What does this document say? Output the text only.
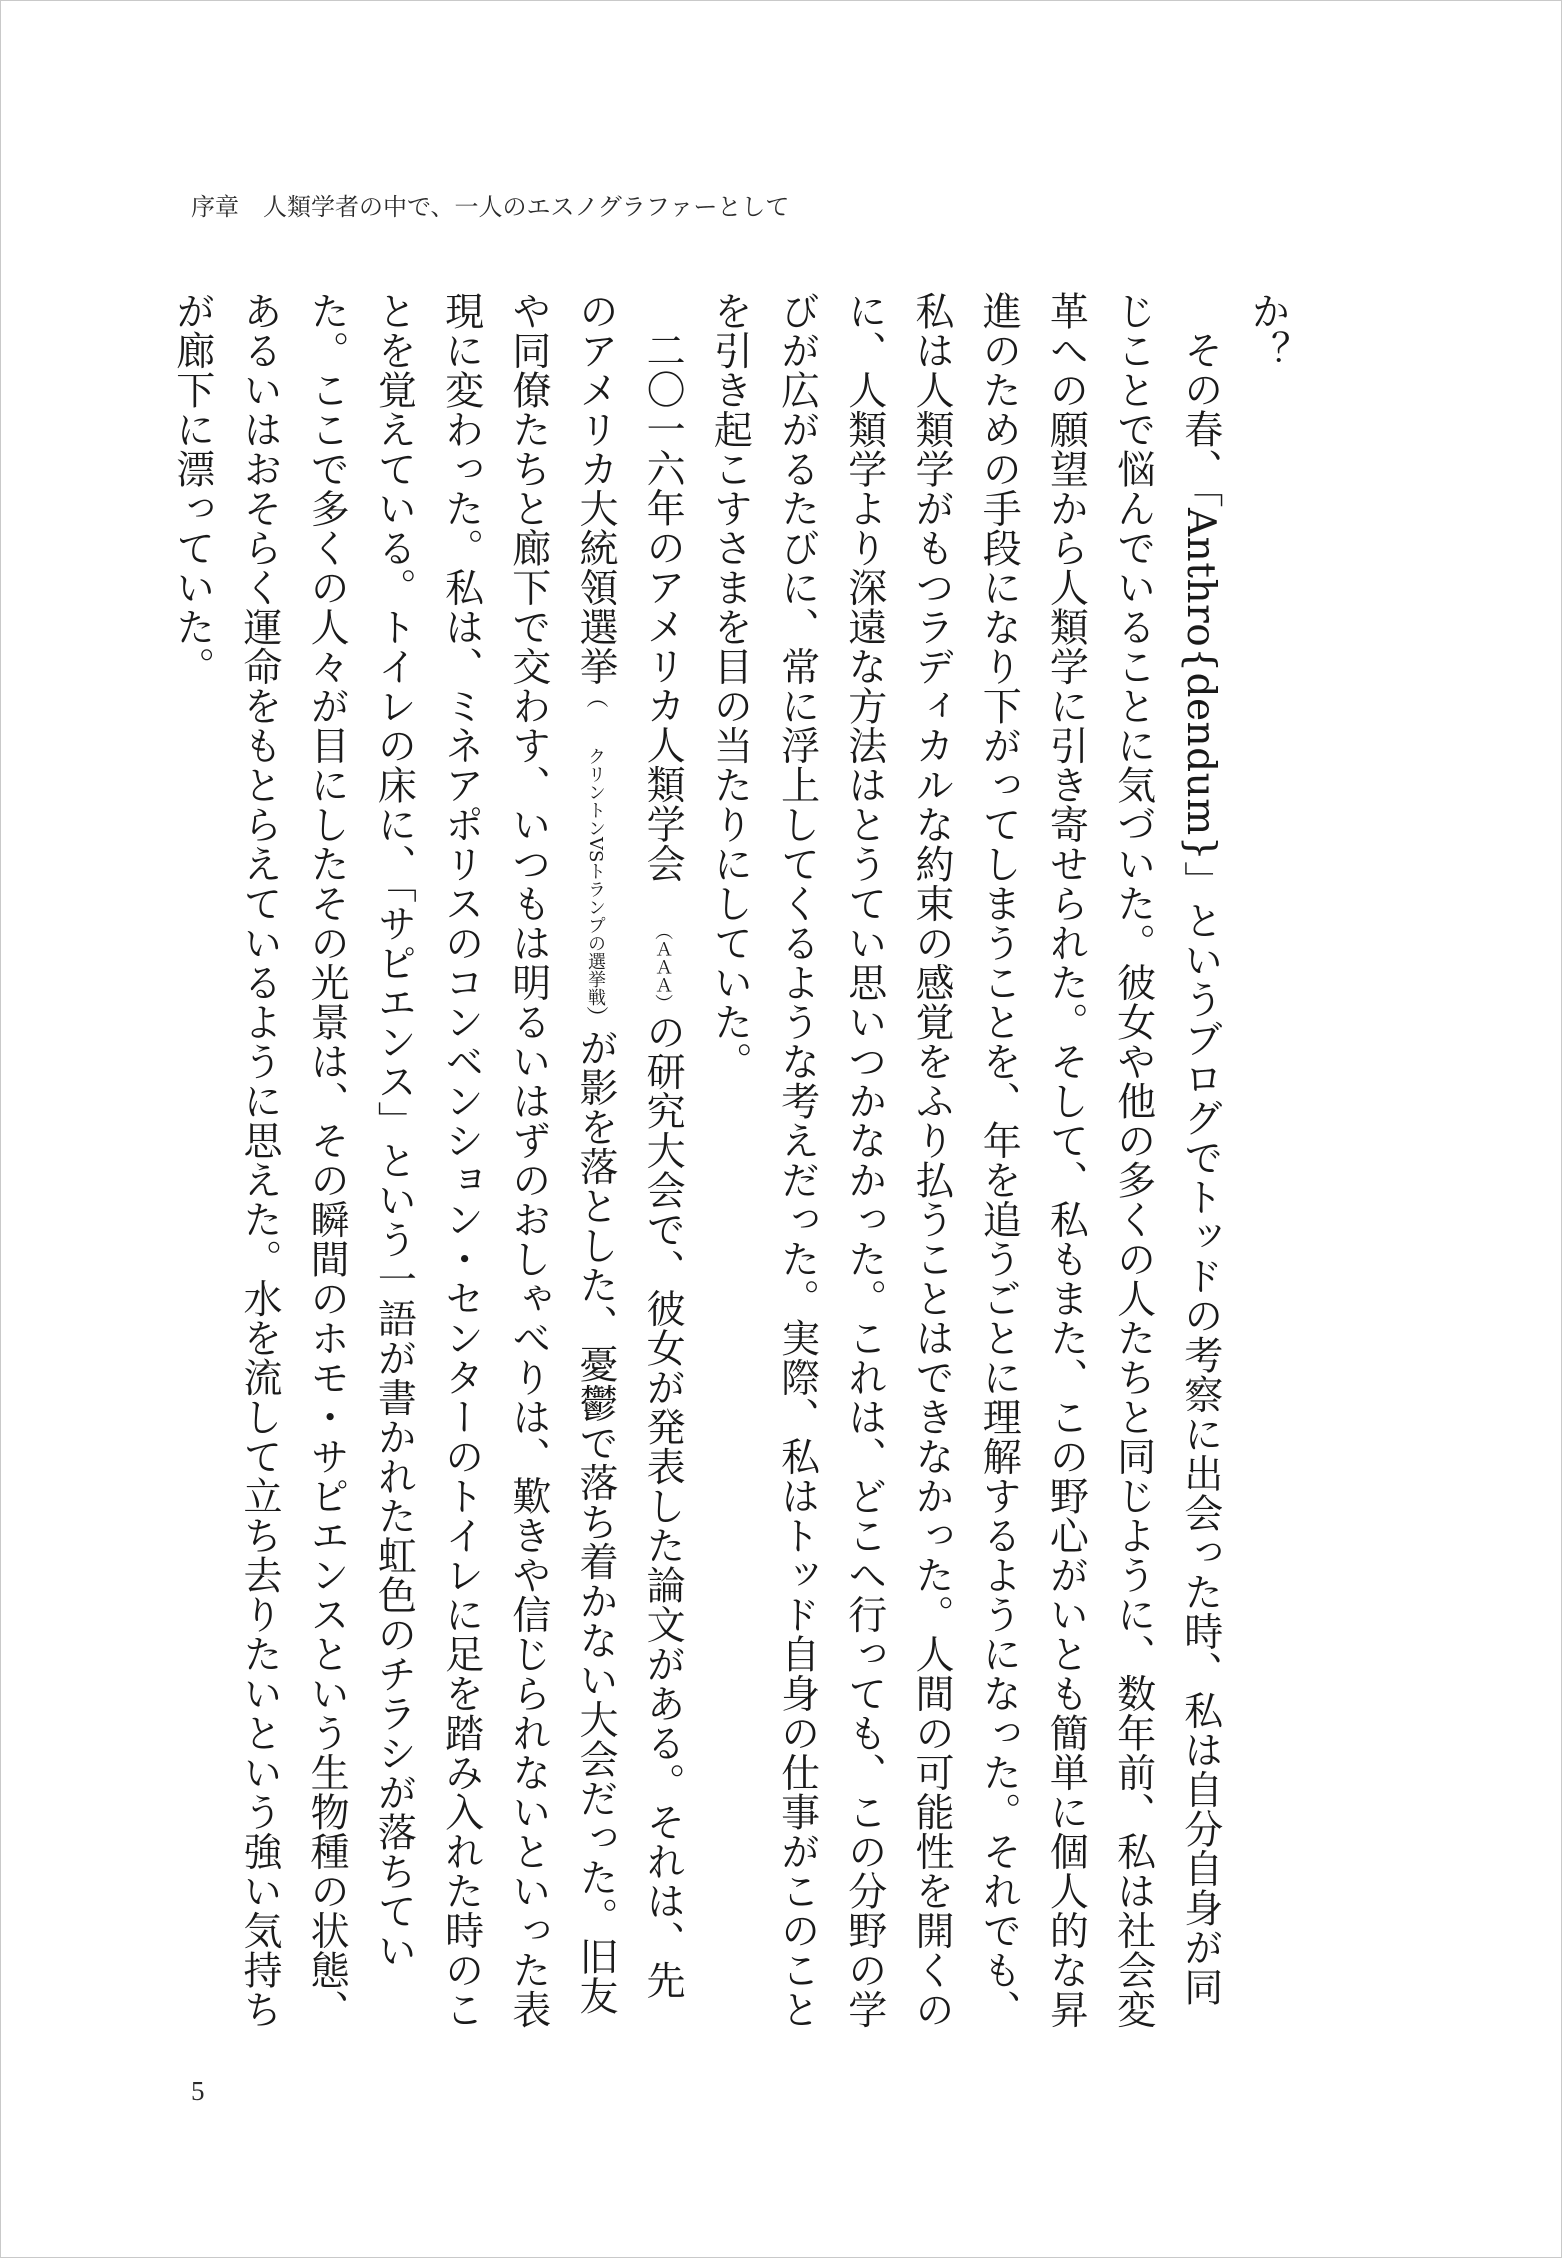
序章　人類学者の中で、一人のエスノグラファーとして

か？

その春、「Anthro{dendum}」というブログでトッドの考察に出会った時、私は自分自身が同じことで悩んでいることに気づいた。彼女や他の多くの人たちと同じように、数年前、私は社会変革への願望から人類学に引き寄せられた。そして、私もまた、この野心がいとも簡単に個人的な昇進のための手段になり下がってしまうことを、年を追うごとに理解するようになった。それでも、私は人類学がもつラディカルな約束の感覚をふり払うことはできなかった。人間の可能性を開くのに、人類学より深遠な方法はとうてい思いつかなかった。これは、どこへ行っても、この分野の学びが広がるたびに、常に浮上してくるような考えだった。実際、私はトッド自身の仕事がこのことを引き起こすさまを目の当たりにしていた。

二〇一六年のアメリカ人類学会（ＡＡＡ）の研究大会で、彼女が発表した論文がある。それは、先のアメリカ大統領選挙（クリントンVSトランプの選挙戦）が影を落とした、憂鬱で落ち着かない大会だった。旧友や同僚たちと廊下で交わす、いつもは明るいはずのおしゃべりは、歎きや信じられないといった表現に変わった。私は、ミネアポリスのコンベンション・センターのトイレに足を踏み入れた時のことを覚えている。トイレの床に、「サピエンス」という一語が書かれた虹色のチラシが落ちていた。ここで多くの人々が目にしたその光景は、その瞬間のホモ・サピエンスという生物種の状態、あるいはおそらく運命をもとらえているように思えた。水を流して立ち去りたいという強い気持ちが廊下に漂っていた。

5
